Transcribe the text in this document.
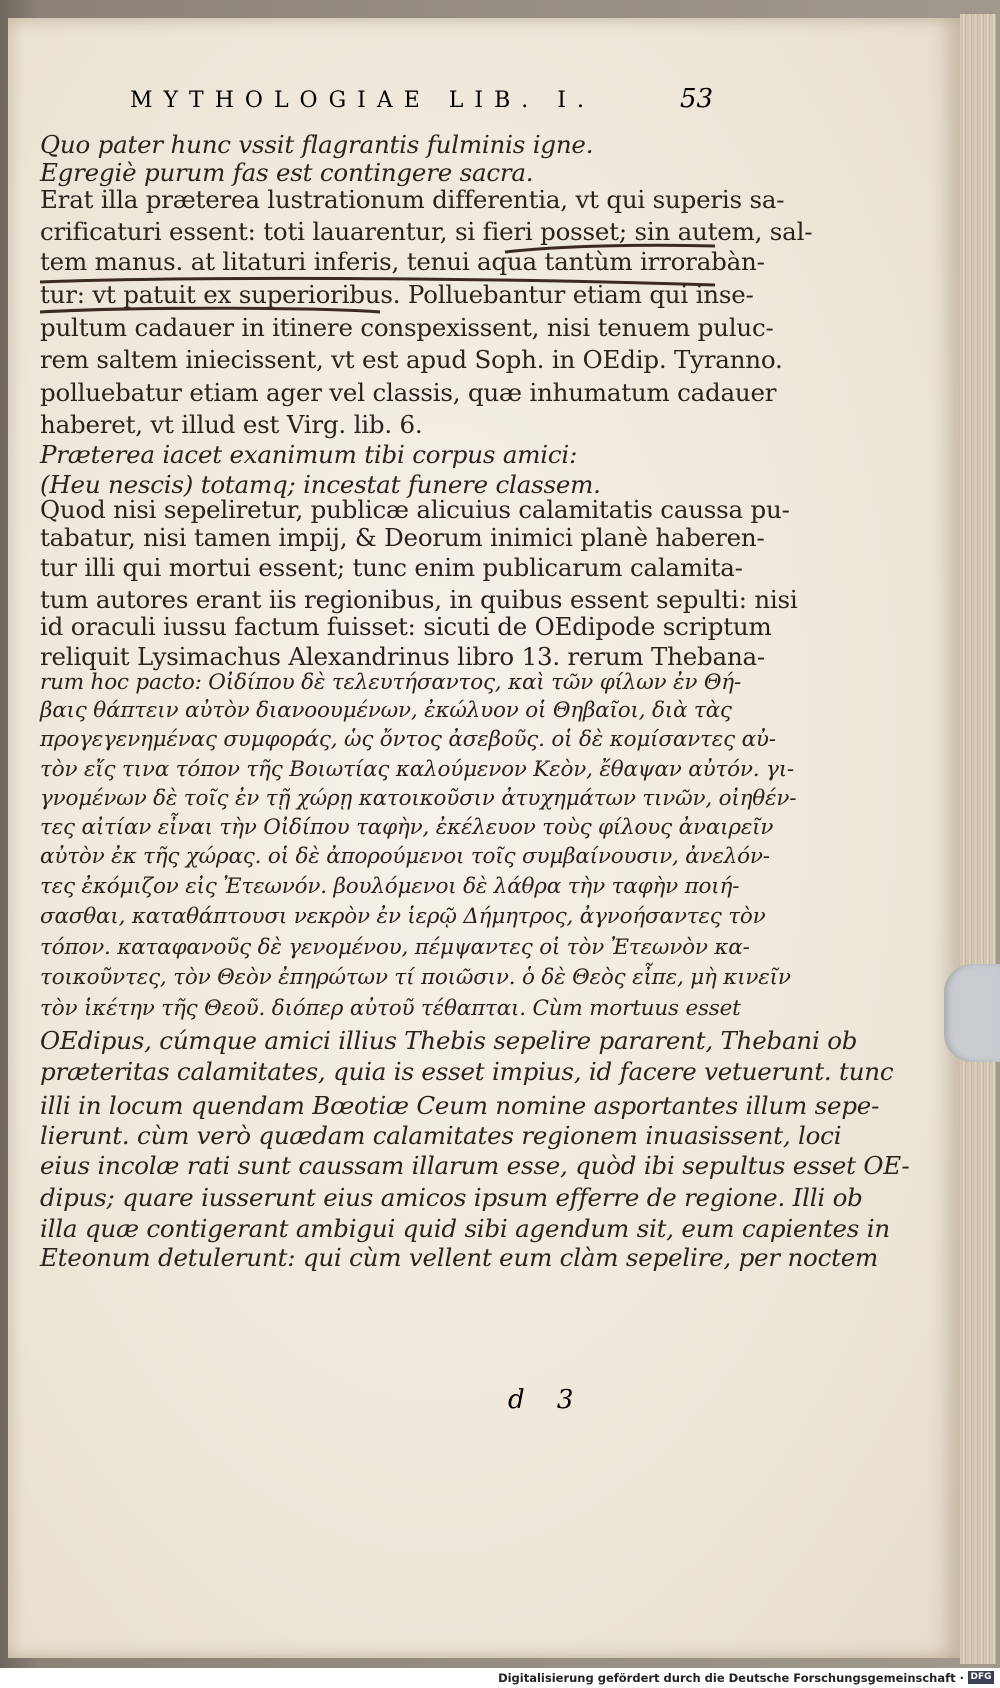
MYTHOLOGIAE LIB. I.	53
Quo pater hunc vssit flagrantis fulminis igne.
Egregiè purum fas est contingere sacra.
Erat illa præterea lustrationum differentia, vt qui superis sa-
crificaturi essent: toti lauarentur, si fieri posset; sin autem, sal-
tem manus. at litaturi inferis, tenui aqua tantùm irrorabàn-
tur: vt patuit ex superioribus. Polluebantur etiam qui inse-
pultum cadauer in itinere conspexissent, nisi tenuem puluc-
rem saltem iniecissent, vt est apud Soph. in OEdip. Tyranno.
polluebatur etiam ager vel classis, quæ inhumatum cadauer
haberet, vt illud est Virg. lib. 6.
Præterea iacet exanimum tibi corpus amici:
(Heu nescis) totamq; incestat funere classem.
Quod nisi sepeliretur, publicæ alicuius calamitatis caussa pu-
tabatur, nisi tamen impij, & Deorum inimici planè haberen-
tur illi qui mortui essent; tunc enim publicarum calamita-
tum autores erant iis regionibus, in quibus essent sepulti: nisi
id oraculi iussu factum fuisset: sicuti de OEdipode scriptum
reliquit Lysimachus Alexandrinus libro 13. rerum Thebana-
rum hoc pacto: Οἰδίπου δὲ τελευτήσαντος, καὶ τῶν φίλων ἐν Θή-
βαις θάπτειν αὐτὸν διανοουμένων, ἐκώλυον οἱ Θηβαῖοι, διὰ τὰς
προγεγενημένας συμφοράς, ὡς ὄντος ἀσεβοῦς. οἱ δὲ κομίσαντες αὐ-
τὸν εἴς τινα τόπον τῆς Βοιωτίας καλούμενον Κεὸν, ἔθαψαν αὐτόν. γι-
γνομένων δὲ τοῖς ἐν τῇ χώρῃ κατοικοῦσιν ἀτυχημάτων τινῶν, οἰηθέν-
τες αἰτίαν εἶναι τὴν Οἰδίπου ταφὴν, ἐκέλευον τοὺς φίλους ἀναιρεῖν
αὐτὸν ἐκ τῆς χώρας. οἱ δὲ ἀπορούμενοι τοῖς συμβαίνουσιν, ἀνελόν-
τες ἐκόμιζον εἰς Ἐτεωνόν. βουλόμενοι δὲ λάθρα τὴν ταφὴν ποιή-
σασθαι, καταθάπτουσι νεκρὸν ἐν ἱερῷ Δήμητρος, ἀγνοήσαντες τὸν
τόπον. καταφανοῦς δὲ γενομένου, πέμψαντες οἱ τὸν Ἐτεωνὸν κα-
τοικοῦντες, τὸν Θεὸν ἐπηρώτων τί ποιῶσιν. ὁ δὲ Θεὸς εἶπε, μὴ κινεῖν
τὸν ἱκέτην τῆς Θεοῦ. διόπερ αὐτοῦ τέθαπται. Cùm mortuus esset
OEdipus, cúmque amici illius Thebis sepelire pararent, Thebani ob
præteritas calamitates, quia is esset impius, id facere vetuerunt. tunc
illi in locum quendam Bœotiæ Ceum nomine asportantes illum sepe-
lierunt. cùm verò quædam calamitates regionem inuasissent, loci
eius incolæ rati sunt caussam illarum esse, quòd ibi sepultus esset OE-
dipus; quare iusserunt eius amicos ipsum efferre de regione. Illi ob
illa quæ contigerant ambigui quid sibi agendum sit, eum capientes in
Eteonum detulerunt: qui cùm vellent eum clàm sepelire, per noctem
d 3
Digitalisierung gefördert durch die Deutsche Forschungsgemeinschaft · DFG
